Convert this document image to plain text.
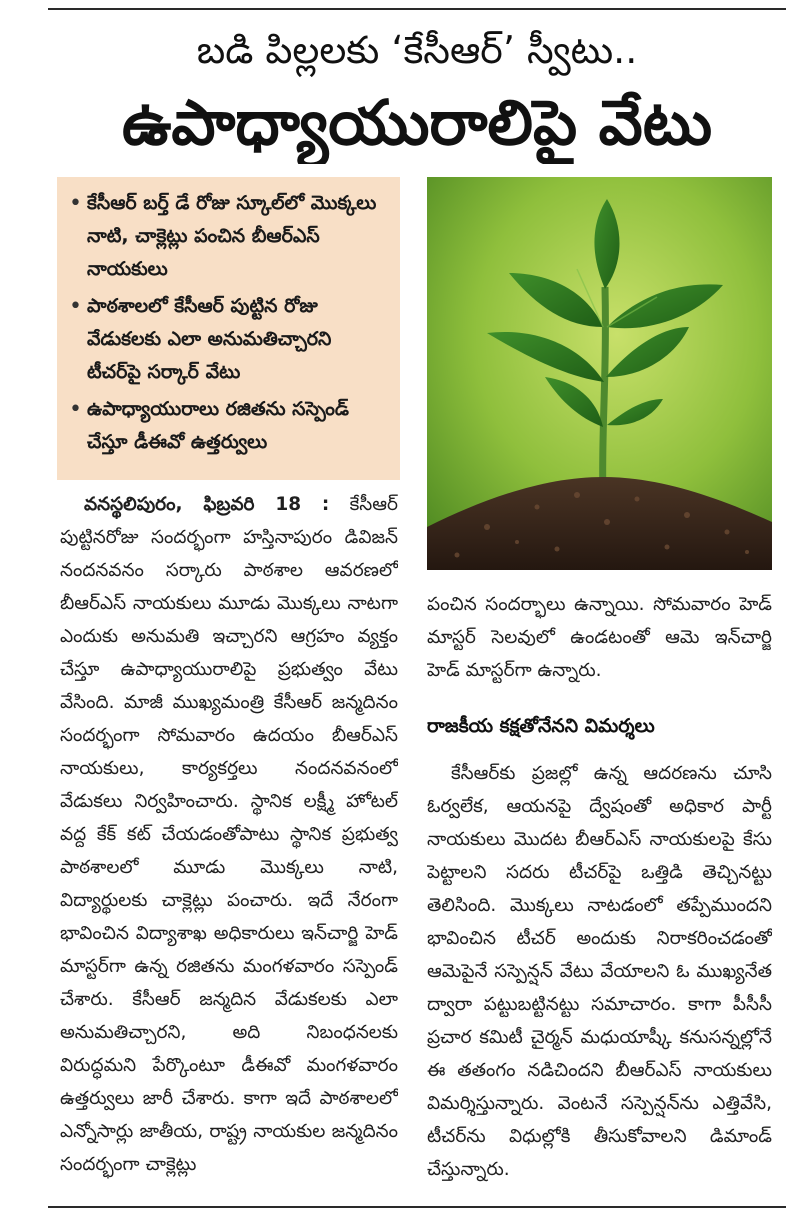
బడి పిల్లలకు ‘కేసీఆర్’ స్వీటు..
ఉపాధ్యాయురాలిపై వేటు
• కేసీఆర్ బర్త్ డే రోజు స్కూల్‌లో మొక్కలు నాటి, చాక్లెట్లు పంచిన బీఆర్ఎస్ నాయకులు
• పాఠశాలలో కేసీఆర్ పుట్టిన రోజు వేడుకలకు ఎలా అనుమతిచ్చారని టీచర్‌పై సర్కార్ వేటు
• ఉపాధ్యాయురాలు రజితను సస్పెండ్ చేస్తూ డీఈవో ఉత్తర్వులు

వనస్థలిపురం, ఫిబ్రవరి 18 : కేసీఆర్ పుట్టినరోజు సందర్భంగా హస్తినాపురం డివిజన్ నందనవనం సర్కారు పాఠశాల ఆవరణలో బీఆర్ఎస్ నాయకులు మూడు మొక్కలు నాటగా ఎందుకు అనుమతి ఇచ్చారని ఆగ్రహం వ్యక్తం చేస్తూ ఉపాధ్యాయురాలిపై ప్రభుత్వం వేటు వేసింది. మాజీ ముఖ్యమంత్రి కేసీఆర్ జన్మదినం సందర్భంగా సోమవారం ఉదయం బీఆర్ఎస్ నాయకులు, కార్యకర్తలు నందనవనంలో వేడుకలు నిర్వహించారు. స్థానిక లక్ష్మీ హోటల్ వద్ద కేక్ కట్ చేయడంతోపాటు స్థానిక ప్రభుత్వ పాఠశాలలో మూడు మొక్కలు నాటి, విద్యార్థులకు చాక్లెట్లు పంచారు. ఇదే నేరంగా భావించిన విద్యాశాఖ అధికారులు ఇన్‌చార్జి హెడ్ మాస్టర్‌గా ఉన్న రజితను మంగళవారం సస్పెండ్ చేశారు. కేసీఆర్ జన్మదిన వేడుకలకు ఎలా అనుమతిచ్చారని, అది నిబంధనలకు విరుద్ధమని పేర్కొంటూ డీఈవో మంగళవారం ఉత్తర్వులు జారీ చేశారు. కాగా ఇదే పాఠశాలలో ఎన్నోసార్లు జాతీయ, రాష్ట్ర నాయకుల జన్మదినం సందర్భంగా చాక్లెట్లు

పంచిన సందర్భాలు ఉన్నాయి. సోమవారం హెడ్ మాస్టర్ సెలవులో ఉండటంతో ఆమె ఇన్‌చార్జి హెడ్ మాస్టర్‌గా ఉన్నారు.

రాజకీయ కక్షతోనేనని విమర్శలు

కేసీఆర్‌కు ప్రజల్లో ఉన్న ఆదరణను చూసి ఓర్వలేక, ఆయనపై ద్వేషంతో అధికార పార్టీ నాయకులు మొదట బీఆర్ఎస్ నాయకులపై కేసు పెట్టాలని సదరు టీచర్‌పై ఒత్తిడి తెచ్చినట్టు తెలిసింది. మొక్కలు నాటడంలో తప్పేముందని భావించిన టీచర్ అందుకు నిరాకరించడంతో ఆమెపైనే సస్పెన్షన్ వేటు వేయాలని ఓ ముఖ్యనేత ద్వారా పట్టుబట్టినట్టు సమాచారం. కాగా పీసీసీ ప్రచార కమిటీ చైర్మన్ మధుయాష్కీ కనుసన్నల్లోనే ఈ తతంగం నడిచిందని బీఆర్ఎస్ నాయకులు విమర్శిస్తున్నారు. వెంటనే సస్పెన్షన్‌ను ఎత్తివేసి, టీచర్‌ను విధుల్లోకి తీసుకోవాలని డిమాండ్ చేస్తున్నారు.
